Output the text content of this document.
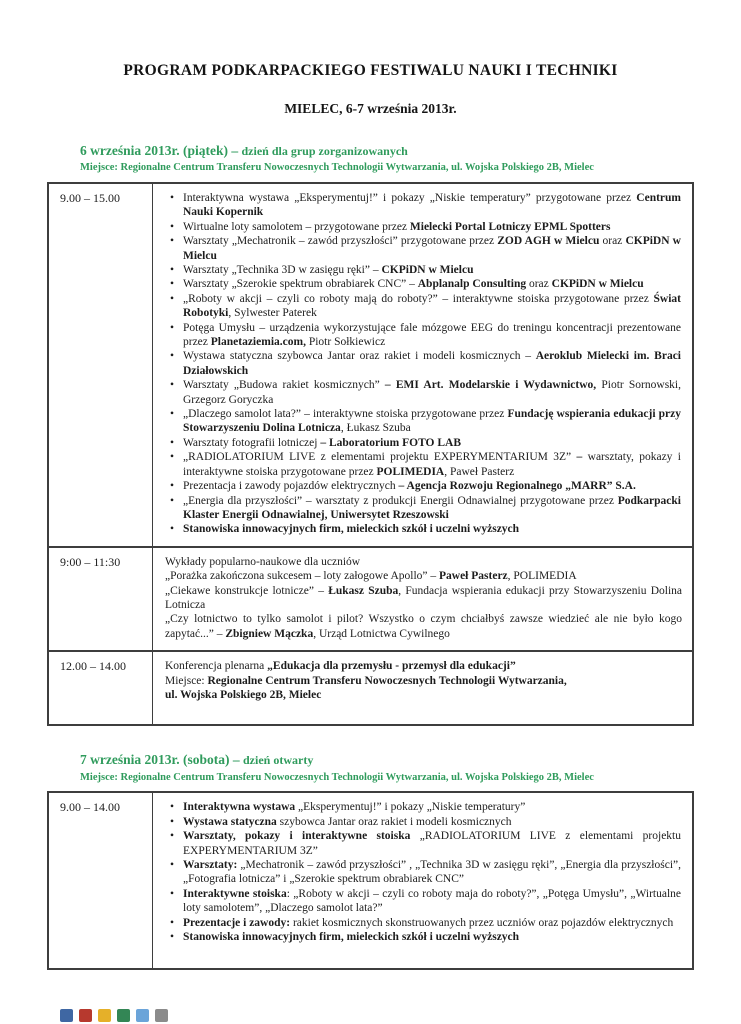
PROGRAM PODKARPACKIEGO FESTIWALU NAUKI I TECHNIKI
MIELEC, 6-7 września 2013r.
6 września 2013r. (piątek) – dzień dla grup zorganizowanych
Miejsce: Regionalne Centrum Transferu Nowoczesnych Technologii Wytwarzania, ul. Wojska Polskiego 2B, Mielec
9.00 – 15.00	• Interaktywna wystawa „Eksperymentuj!” i pokazy „Niskie temperatury” przygotowane przez Centrum Nauki Kopernik
• Wirtualne loty samolotem – przygotowane przez Mielecki Portal Lotniczy EPML Spotters
• Warsztaty „Mechatronik – zawód przyszłości” przygotowane przez ZOD AGH w Mielcu oraz CKPiDN w Mielcu
• Warsztaty „Technika 3D w zasięgu ręki” – CKPiDN w Mielcu
• Warsztaty „Szerokie spektrum obrabiarek CNC” – Abplanalp Consulting oraz CKPiDN w Mielcu
• „Roboty w akcji – czyli co roboty mają do roboty?” – interaktywne stoiska przygotowane przez Świat Robotyki, Sylwester Paterek
• Potęga Umysłu – urządzenia wykorzystujące fale mózgowe EEG do treningu koncentracji prezentowane przez Planetaziemia.com, Piotr Sołkiewicz
• Wystawa statyczna szybowca Jantar oraz rakiet i modeli kosmicznych – Aeroklub Mielecki im. Braci Działowskich
• Warsztaty „Budowa rakiet kosmicznych” – EMI Art. Modelarskie i Wydawnictwo, Piotr Sornowski, Grzegorz Goryczka
• „Dlaczego samolot lata?” – interaktywne stoiska przygotowane przez Fundację wspierania edukacji przy Stowarzyszeniu Dolina Lotnicza, Łukasz Szuba
• Warsztaty fotografii lotniczej – Laboratorium FOTO LAB
• „RADIOLATORIUM LIVE z elementami projektu EXPERYMENTARIUM 3Z” – warsztaty, pokazy i interaktywne stoiska przygotowane przez POLIMEDIA, Paweł Pasterz
• Prezentacja i zawody pojazdów elektrycznych – Agencja Rozwoju Regionalnego „MARR” S.A.
• „Energia dla przyszłości” – warsztaty z produkcji Energii Odnawialnej przygotowane przez Podkarpacki Klaster Energii Odnawialnej, Uniwersytet Rzeszowski
• Stanowiska innowacyjnych firm, mieleckich szkół i uczelni wyższych
9:00 – 11:30	Wykłady popularno-naukowe dla uczniów
„Porażka zakończona sukcesem – loty załogowe Apollo” – Paweł Pasterz, POLIMEDIA
„Ciekawe konstrukcje lotnicze” – Łukasz Szuba, Fundacja wspierania edukacji przy Stowarzyszeniu Dolina Lotnicza
„Czy lotnictwo to tylko samolot i pilot? Wszystko o czym chciałbyś zawsze wiedzieć ale nie było kogo zapytać...” – Zbigniew Mączka, Urząd Lotnictwa Cywilnego
12.00 – 14.00	Konferencja plenarna „Edukacja dla przemysłu - przemysł dla edukacji”
Miejsce: Regionalne Centrum Transferu Nowoczesnych Technologii Wytwarzania,
ul. Wojska Polskiego 2B, Mielec
7 września 2013r. (sobota) – dzień otwarty
Miejsce: Regionalne Centrum Transferu Nowoczesnych Technologii Wytwarzania, ul. Wojska Polskiego 2B, Mielec
9.00 – 14.00	• Interaktywna wystawa „Eksperymentuj!” i pokazy „Niskie temperatury”
• Wystawa statyczna szybowca Jantar oraz rakiet i modeli kosmicznych
• Warsztaty, pokazy i interaktywne stoiska „RADIOLATORIUM LIVE z elementami projektu EXPERYMENTARIUM 3Z”
• Warsztaty: „Mechatronik – zawód przyszłości” , „Technika 3D w zasięgu ręki”, „Energia dla przyszłości”, „Fotografia lotnicza” i „Szerokie spektrum obrabiarek CNC”
• Interaktywne stoiska: „Roboty w akcji – czyli co roboty maja do roboty?”, „Potęga Umysłu”, „Wirtualne loty samolotem”, „Dlaczego samolot lata?”
• Prezentacje i zawody: rakiet kosmicznych skonstruowanych przez uczniów oraz pojazdów elektrycznych
• Stanowiska innowacyjnych firm, mieleckich szkół i uczelni wyższych
